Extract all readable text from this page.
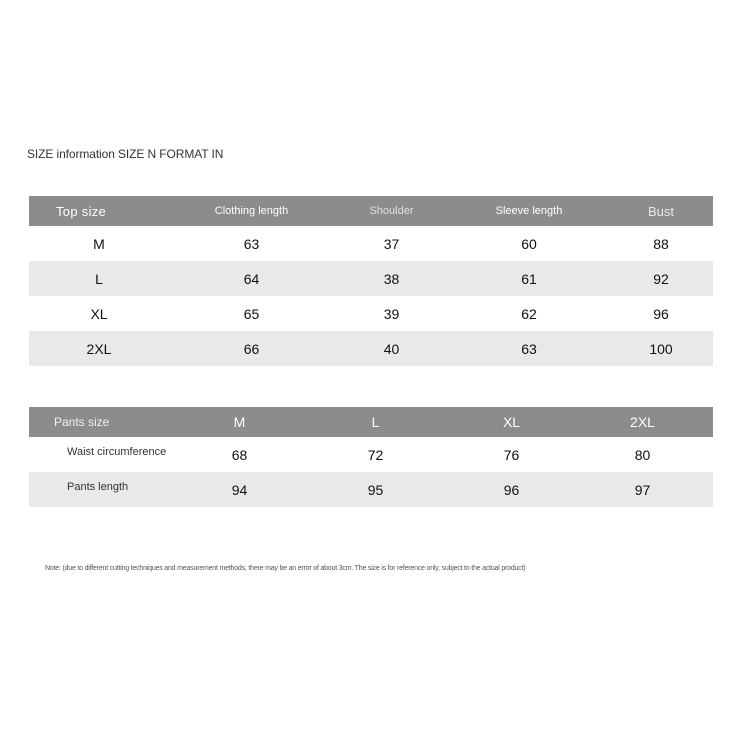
SIZE information SIZE N FORMAT IN
Top size	Clothing length	Shoulder	Sleeve length	Bust
M	63	37	60	88
L	64	38	61	92
XL	65	39	62	96
2XL	66	40	63	100
Pants size	M	L	XL	2XL
Waist circumference	68	72	76	80
Pants length	94	95	96	97
Note: (due to different cutting techniques and measurement methods, there may be an error of about 3cm. The size is for reference only, subject to the actual product)
